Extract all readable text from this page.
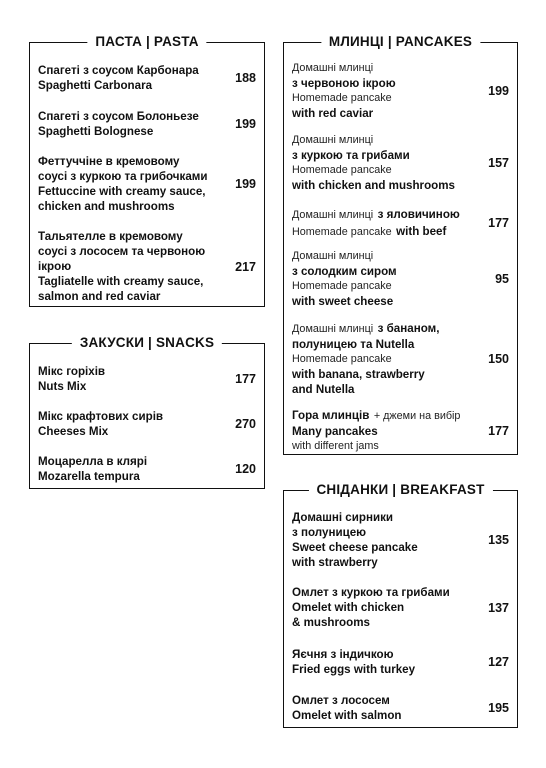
ПАСТА | PASTA
Спагеті з соусом Карбонара
Spaghetti Carbonara
188
Спагеті з соусом Болоньезе
Spaghetti Bolognese
199
Феттуччіне в кремовому
соусі з куркою та грибочками
Fettuccine with creamy sauce,
chicken and mushrooms
199
Тальятелле в кремовому
соусі з лососем та червоною
ікрою
Tagliatelle with creamy sauce,
salmon and red caviar
217
ЗАКУСКИ | SNACKS
Мікс горіхів
Nuts Mix
177
Мікс крафтових сирів
Cheeses Mix
270
Моцарелла в клярі
Mozarella tempura
120
МЛИНЦІ | PANCAKES
Домашні млинці
з червоною ікрою
Homemade pancake
with red caviar
199
Домашні млинці
з куркою та грибами
Homemade pancake
with chicken and mushrooms
157
Домашні млинці з яловичиною
Homemade pancake with beef
177
Домашні млинці
з солодким сиром
Homemade pancake
with sweet cheese
95
Домашні млинці з бананом,
полуницею та Nutella
Homemade pancake
with banana, strawberry
and Nutella
150
Гора млинців + джеми на вибір
Many pancakes
with different jams
177
СНІДАНКИ | BREAKFAST
Домашні сирники
з полуницею
Sweet cheese pancake
with strawberry
135
Омлет з куркою та грибами
Omelet with chicken
& mushrooms
137
Яєчня з індичкою
Fried eggs with turkey
127
Омлет з лососем
Omelet with salmon
195
